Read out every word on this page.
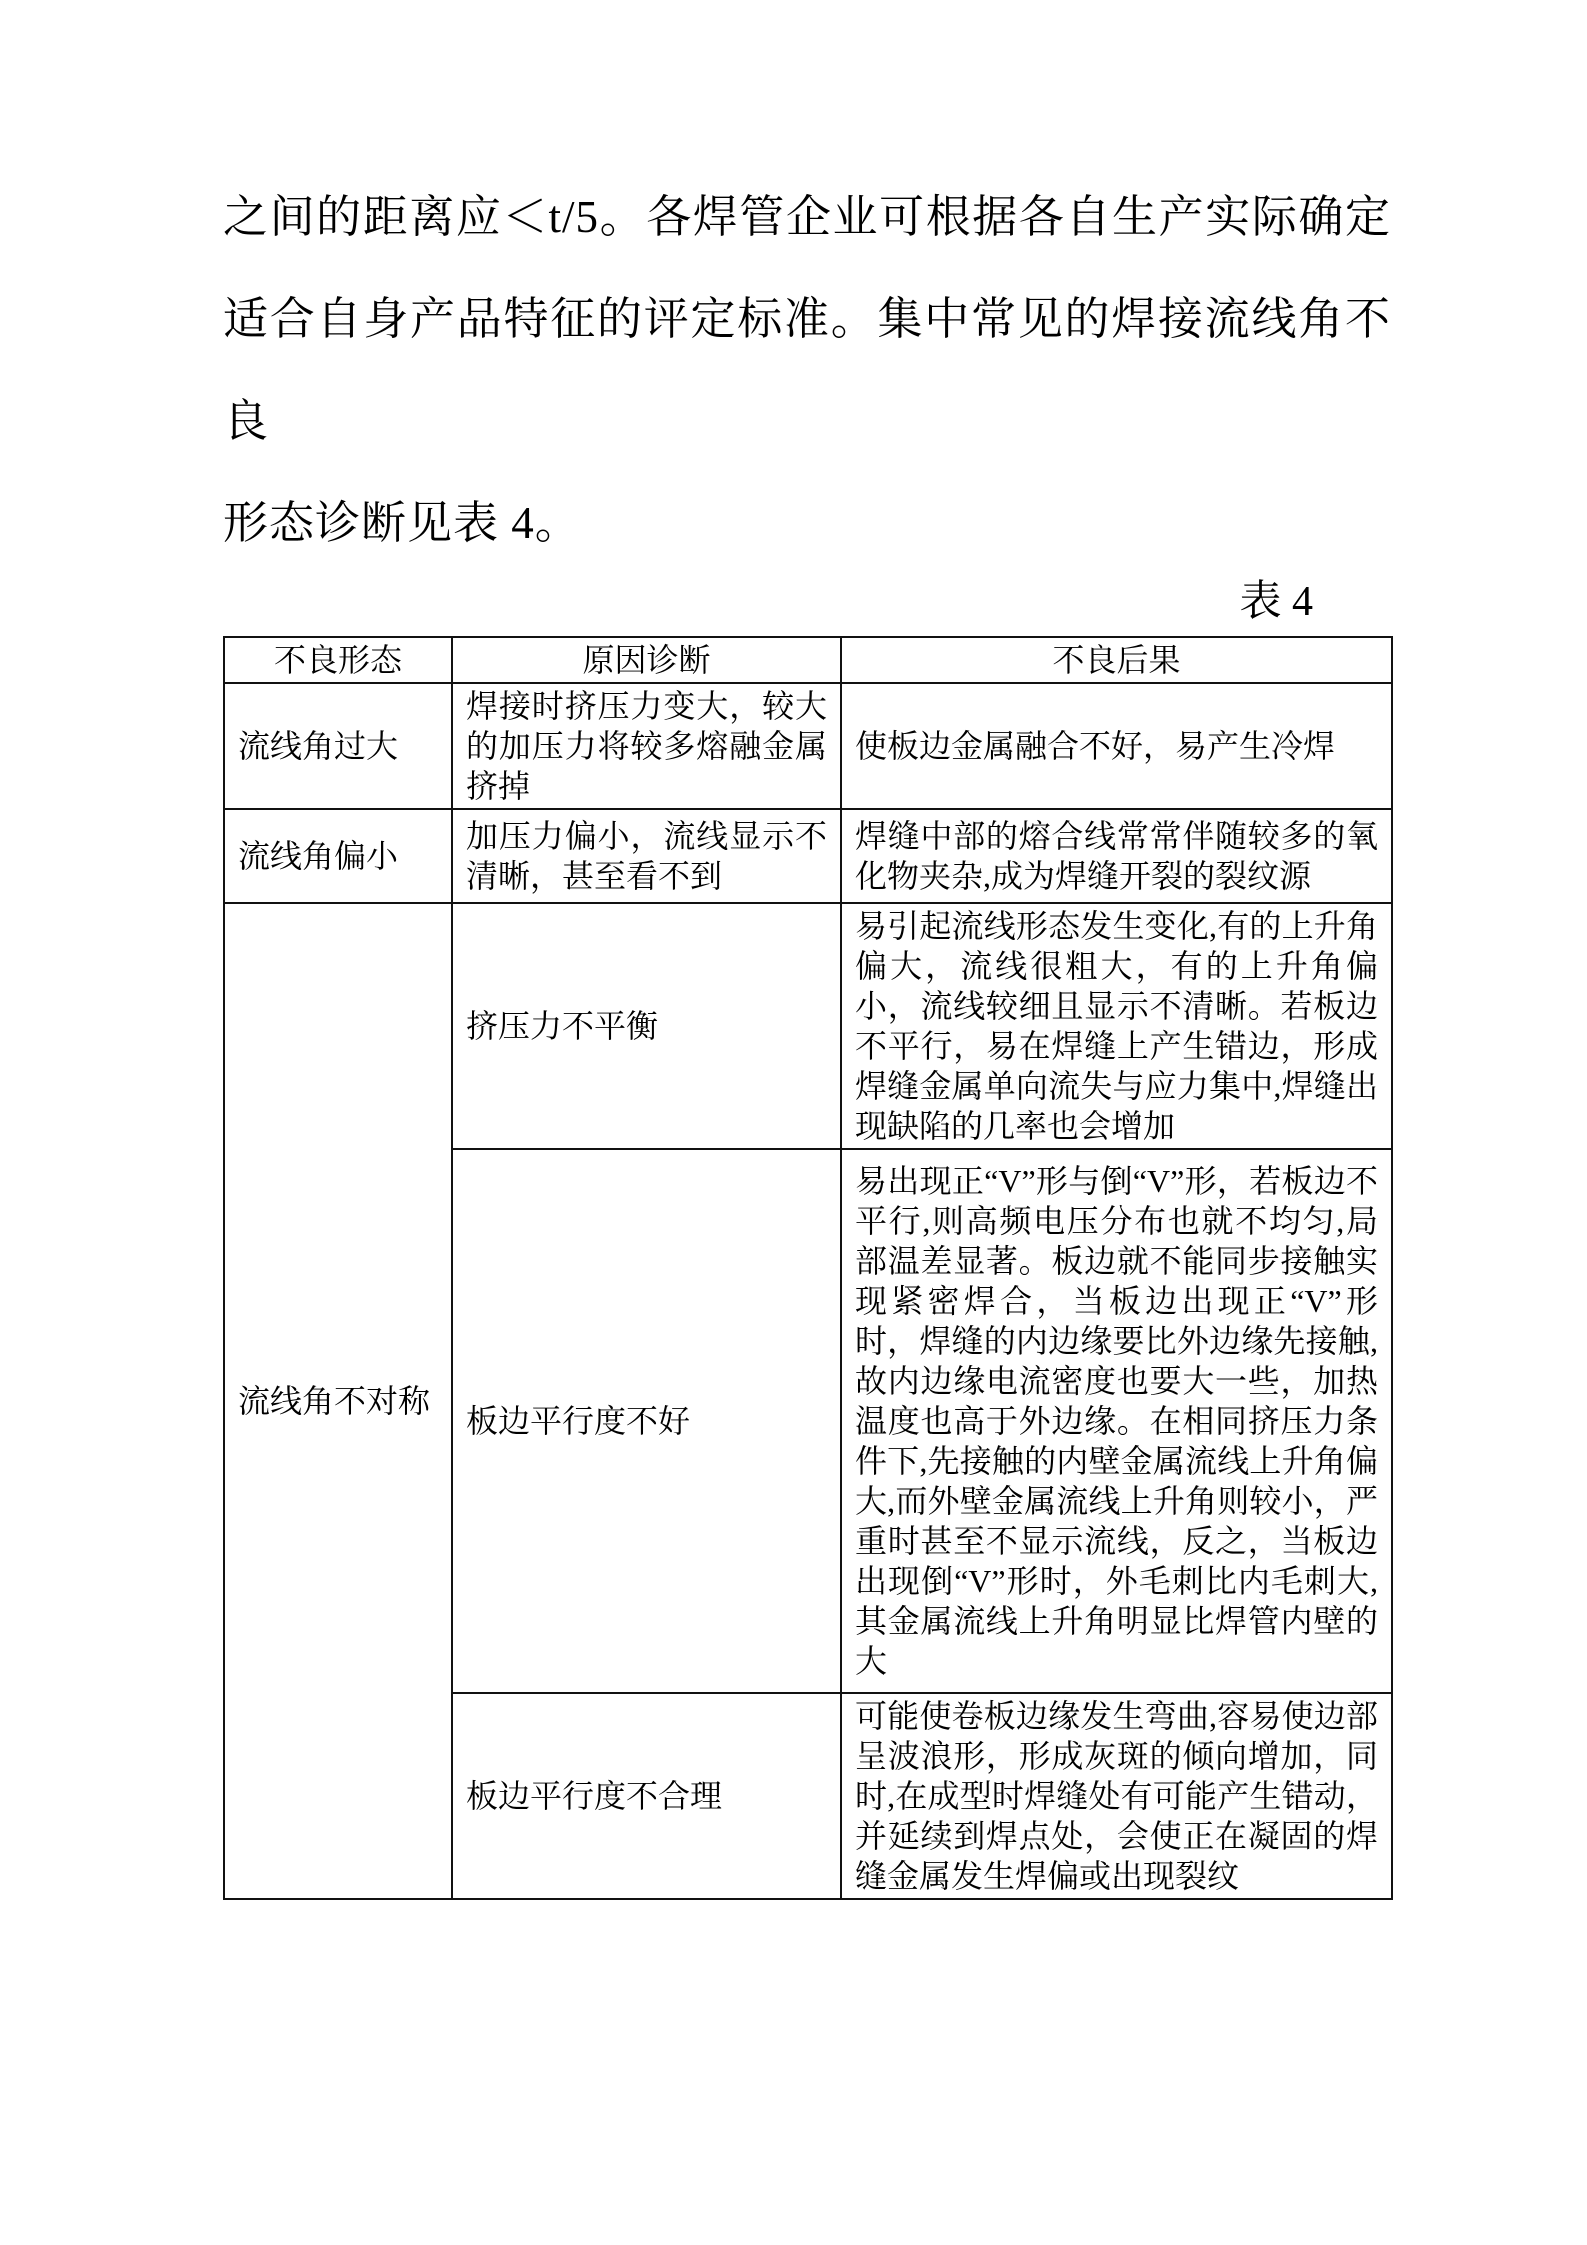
之间的距离应＜t/5。各焊管企业可根据各自生产实际确定
适合自身产品特征的评定标准。集中常见的焊接流线角不良
形态诊断见表 4。
表 4
不良形态	原因诊断	不良后果
流线角过大	焊接时挤压力变大，较大的加压力将较多熔融金属挤掉	使板边金属融合不好，易产生冷焊
流线角偏小	加压力偏小，流线显示不清晰，甚至看不到	焊缝中部的熔合线常常伴随较多的氧化物夹杂,成为焊缝开裂的裂纹源
流线角不对称	挤压力不平衡	易引起流线形态发生变化,有的上升角偏大，流线很粗大，有的上升角偏小，流线较细且显示不清晰。若板边不平行，易在焊缝上产生错边，形成焊缝金属单向流失与应力集中,焊缝出现缺陷的几率也会增加
	板边平行度不好	易出现正“V”形与倒“V”形，若板边不平行,则高频电压分布也就不均匀,局部温差显著。板边就不能同步接触实现紧密焊合，当板边出现正“V”形时，焊缝的内边缘要比外边缘先接触,故内边缘电流密度也要大一些，加热温度也高于外边缘。在相同挤压力条件下,先接触的内壁金属流线上升角偏大,而外壁金属流线上升角则较小，严重时甚至不显示流线，反之，当板边出现倒“V”形时，外毛刺比内毛刺大,其金属流线上升角明显比焊管内壁的大
	板边平行度不合理	可能使卷板边缘发生弯曲,容易使边部呈波浪形，形成灰斑的倾向增加，同时,在成型时焊缝处有可能产生错动，并延续到焊点处，会使正在凝固的焊缝金属发生焊偏或出现裂纹
